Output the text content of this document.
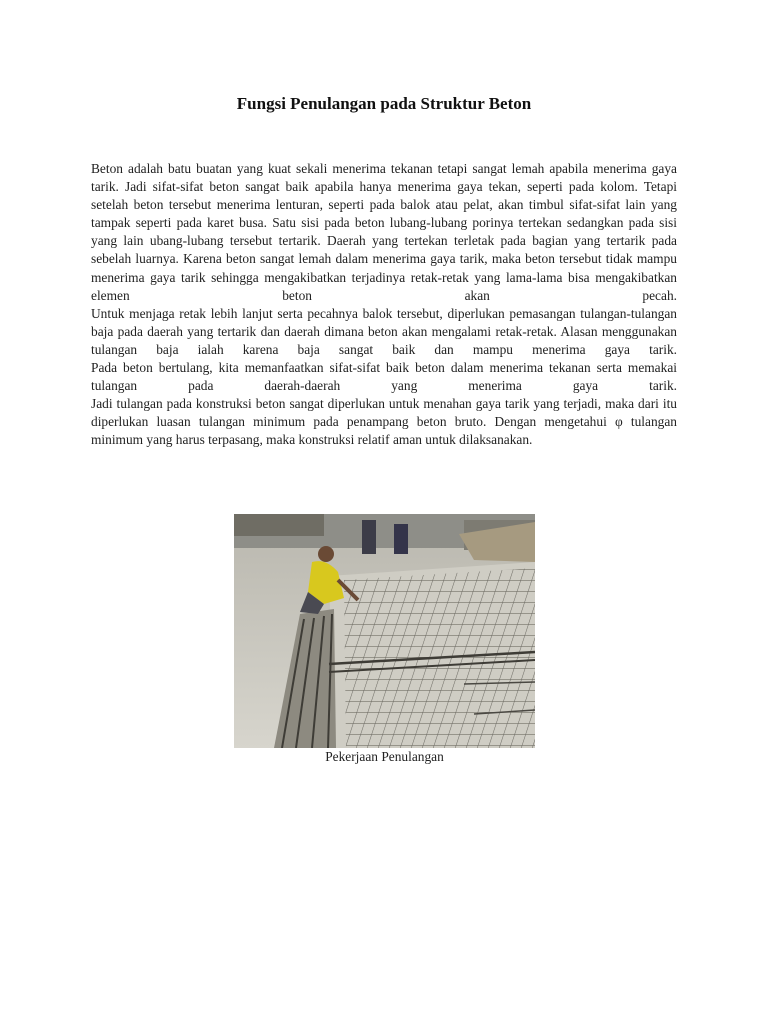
Fungsi Penulangan pada Struktur Beton

Beton adalah batu buatan yang kuat sekali menerima tekanan tetapi sangat lemah apabila menerima gaya tarik. Jadi sifat-sifat beton sangat baik apabila hanya menerima gaya tekan, seperti pada kolom. Tetapi setelah beton tersebut menerima lenturan, seperti pada balok atau pelat, akan timbul sifat-sifat lain yang tampak seperti pada karet busa. Satu sisi pada beton lubang-lubang porinya tertekan sedangkan pada sisi yang lain ubang-lubang tersebut tertarik. Daerah yang tertekan terletak pada bagian yang tertarik pada sebelah luarnya. Karena beton sangat lemah dalam menerima gaya tarik, maka beton tersebut tidak mampu menerima gaya tarik sehingga mengakibatkan terjadinya retak-retak yang lama-lama bisa mengakibatkan elemen beton akan pecah.

Untuk menjaga retak lebih lanjut serta pecahnya balok tersebut, diperlukan pemasangan tulangan-tulangan baja pada daerah yang tertarik dan daerah dimana beton akan mengalami retak-retak. Alasan menggunakan tulangan baja ialah karena baja sangat baik dan mampu menerima gaya tarik.

Pada beton bertulang, kita memanfaatkan sifat-sifat baik beton dalam menerima tekanan serta memakai tulangan pada daerah-daerah yang menerima gaya tarik.

Jadi tulangan pada konstruksi beton sangat diperlukan untuk menahan gaya tarik yang terjadi, maka dari itu diperlukan luasan tulangan minimum pada penampang beton bruto. Dengan mengetahui φ tulangan minimum yang harus terpasang, maka konstruksi relatif aman untuk dilaksanakan.

Pekerjaan Penulangan
